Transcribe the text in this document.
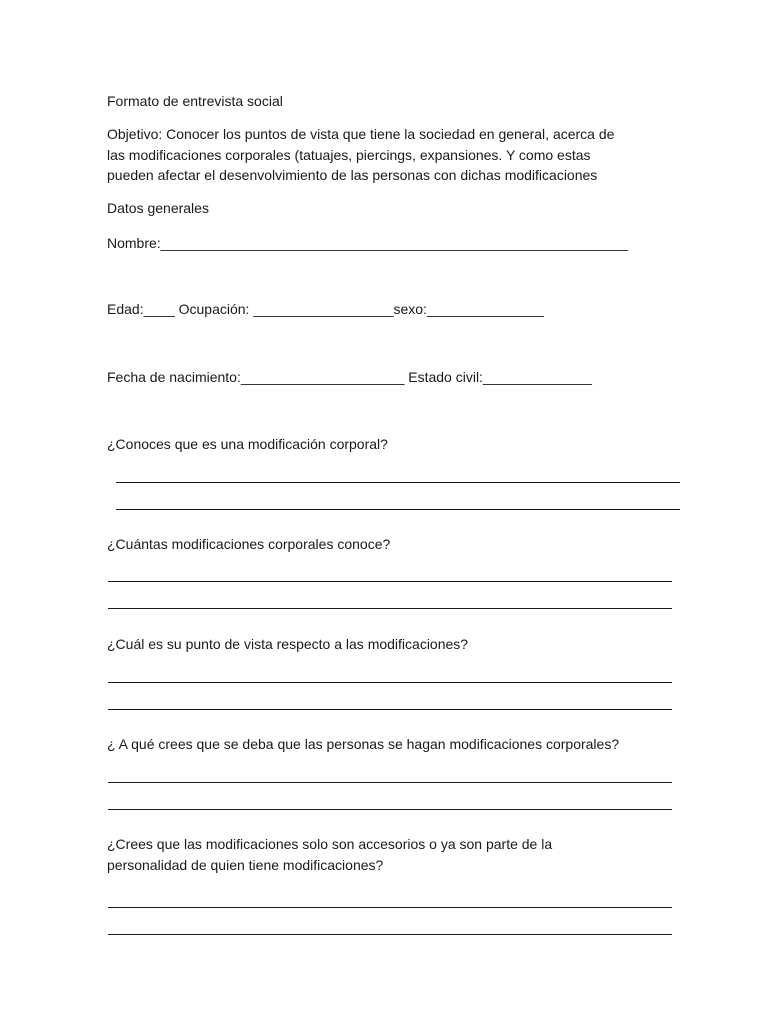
Formato de entrevista social
Objetivo: Conocer los puntos de vista que tiene la sociedad en general, acerca de
las modificaciones corporales (tatuajes, piercings, expansiones. Y como estas
pueden afectar el desenvolvimiento de las personas con dichas modificaciones
Datos generales
Nombre:____________________________________________________________
Edad:____ Ocupación: __________________sexo:_______________
Fecha de nacimiento:_____________________ Estado civil:______________
¿Conoces que es una modificación corporal?
¿Cuántas modificaciones corporales conoce?
¿Cuál es su punto de vista respecto a las modificaciones?
¿ A qué crees que se deba que las personas se hagan modificaciones corporales?
¿Crees que las modificaciones solo son accesorios o ya son parte de la
personalidad de quien tiene modificaciones?
